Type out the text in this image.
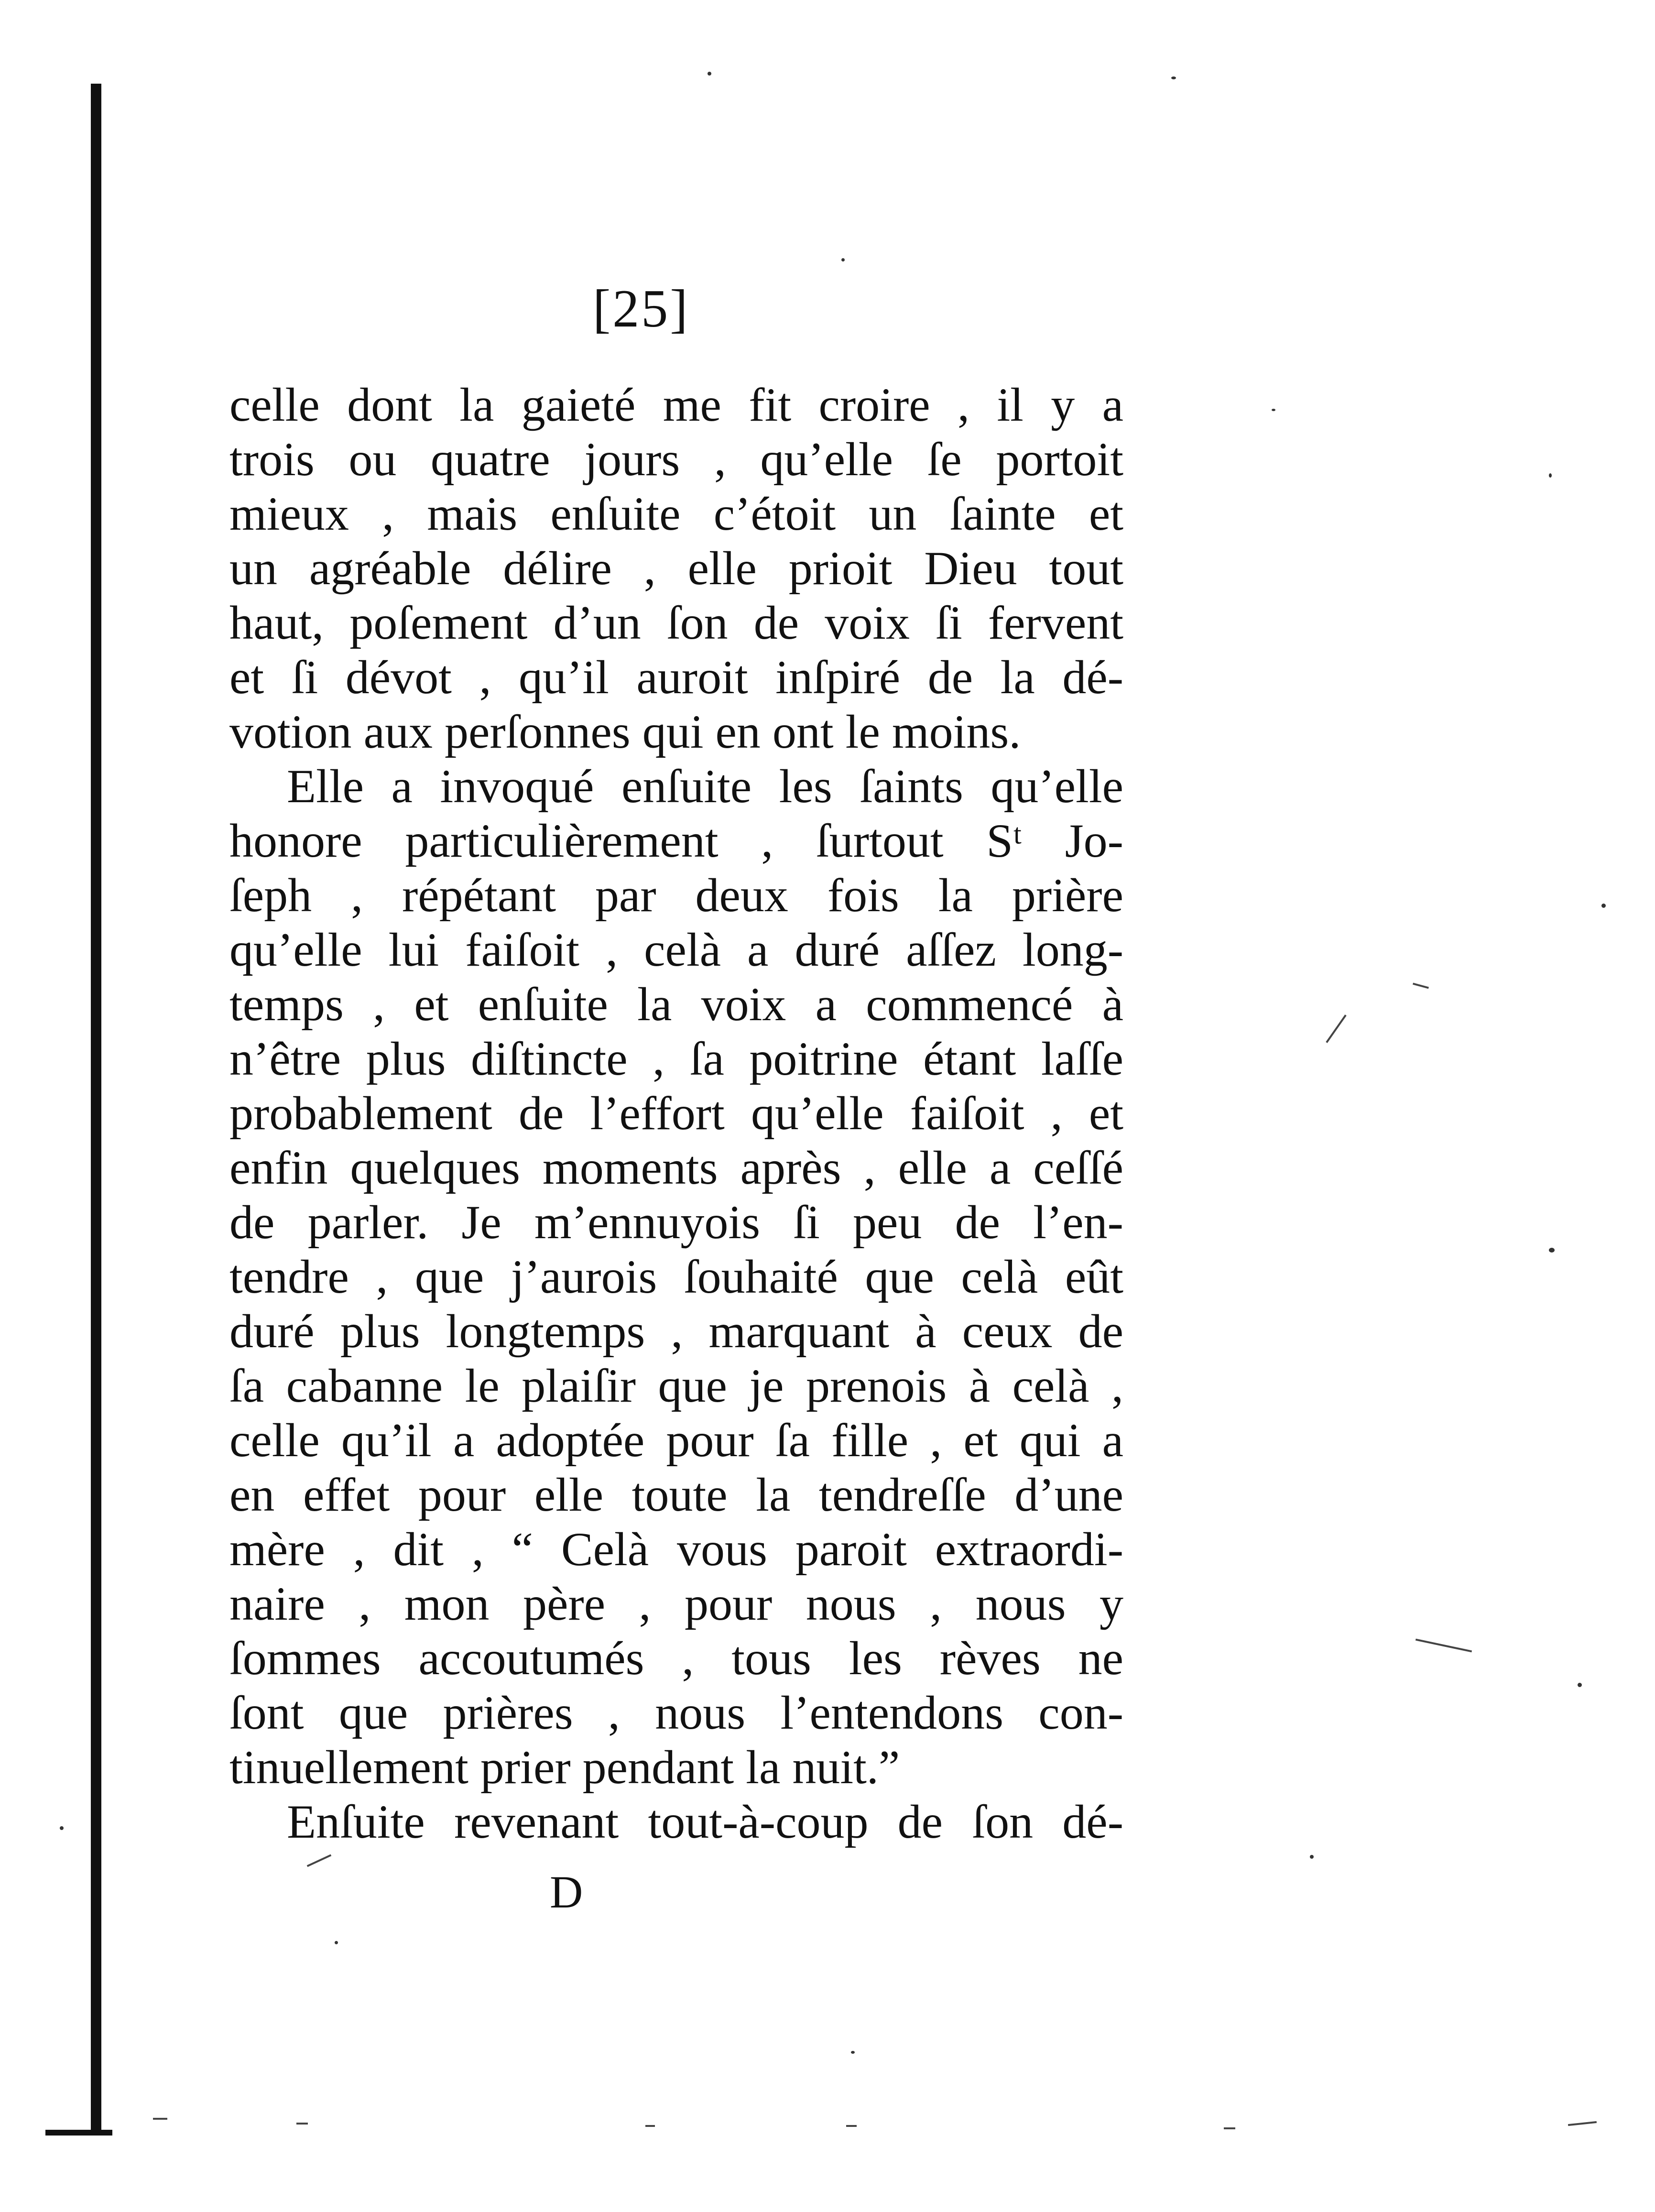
[25]
celle dont la gaieté me fit croire , il y a
trois ou quatre jours , qu’elle ſe portoit
mieux , mais enſuite c’étoit un ſainte et
un agréable délire , elle prioit Dieu tout
haut, poſement d’un ſon de voix ſi fervent
et ſi dévot , qu’il auroit inſpiré de la dé-
votion aux perſonnes qui en ont le moins.
Elle a invoqué enſuite les ſaints qu’elle
honore particulièrement , ſurtout Sᵗ Jo-
ſeph , répétant par deux fois la prière
qu’elle lui faiſoit , celà a duré aſſez long-
temps , et enſuite la voix a commencé à
n’être plus diſtincte , ſa poitrine étant laſſe
probablement de l’effort qu’elle faiſoit , et
enfin quelques moments après , elle a ceſſé
de parler. Je m’ennuyois ſi peu de l’en-
tendre , que j’aurois ſouhaité que celà eût
duré plus longtemps , marquant à ceux de
ſa cabanne le plaiſir que je prenois à celà ,
celle qu’il a adoptée pour ſa fille , et qui a
en effet pour elle toute la tendreſſe d’une
mère , dit , “ Celà vous paroit extraordi-
naire , mon père , pour nous , nous y
ſommes accoutumés , tous les rèves ne
ſont que prières , nous l’entendons con-
tinuellement prier pendant la nuit.”
Enſuite revenant tout-à-coup de ſon dé-
D
